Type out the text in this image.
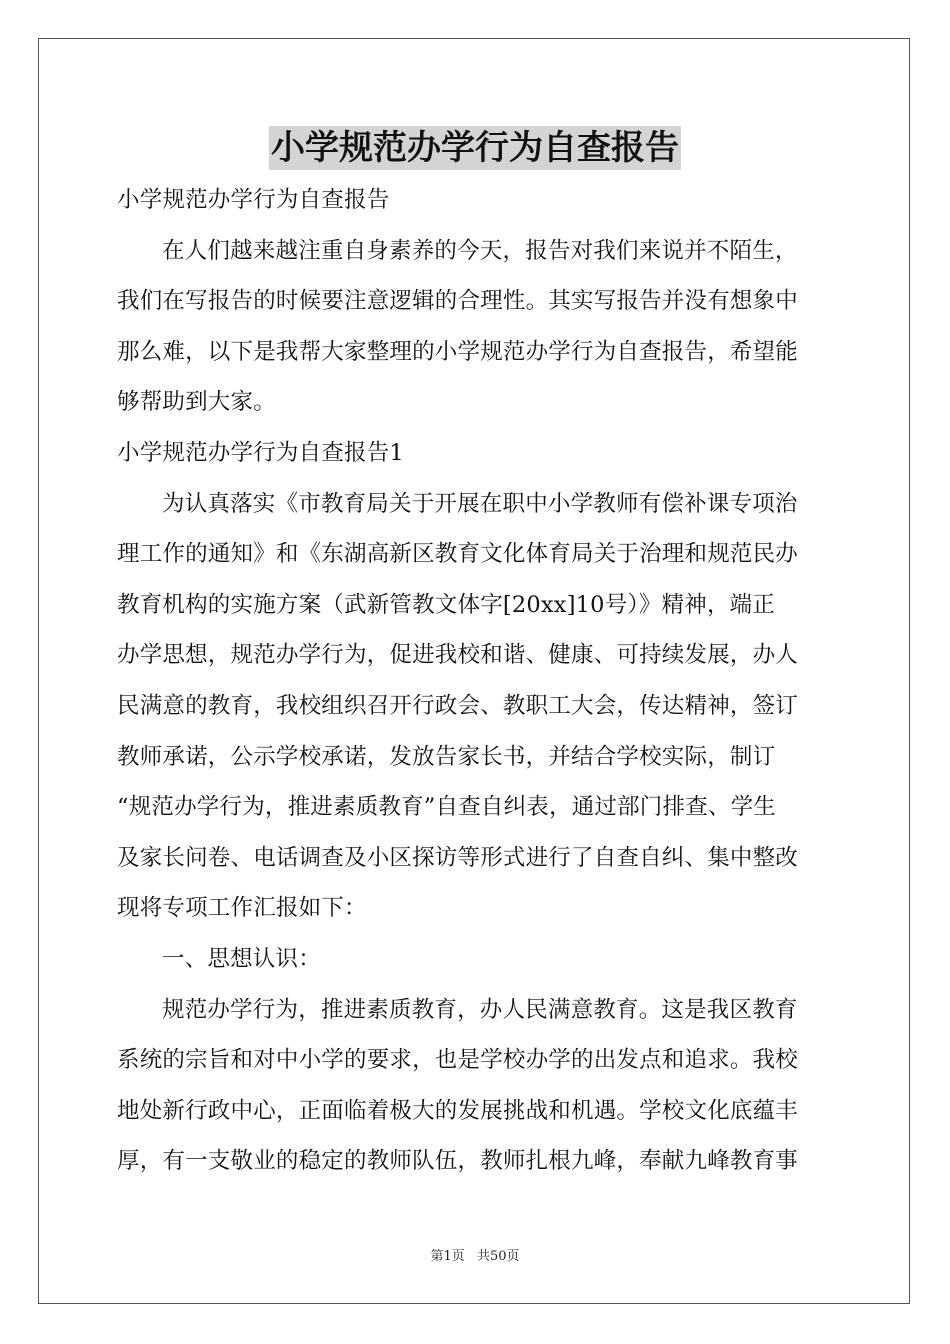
小学规范办学行为自查报告
小学规范办学行为自查报告
在人们越来越注重自身素养的今天，报告对我们来说并不陌生，
我们在写报告的时候要注意逻辑的合理性。其实写报告并没有想象中
那么难，以下是我帮大家整理的小学规范办学行为自查报告，希望能
够帮助到大家。
小学规范办学行为自查报告1
为认真落实《市教育局关于开展在职中小学教师有偿补课专项治
理工作的通知》和《东湖高新区教育文化体育局关于治理和规范民办
教育机构的实施方案（武新管教文体字[20xx]10号）》精神，端正
办学思想，规范办学行为，促进我校和谐、健康、可持续发展，办人
民满意的教育，我校组织召开行政会、教职工大会，传达精神，签订
教师承诺，公示学校承诺，发放告家长书，并结合学校实际，制订
“规范办学行为，推进素质教育”自查自纠表，通过部门排查、学生
及家长问卷、电话调查及小区探访等形式进行了自查自纠、集中整改
现将专项工作汇报如下：
一、思想认识：
规范办学行为，推进素质教育，办人民满意教育。这是我区教育
系统的宗旨和对中小学的要求，也是学校办学的出发点和追求。我校
地处新行政中心，正面临着极大的发展挑战和机遇。学校文化底蕴丰
厚，有一支敬业的稳定的教师队伍，教师扎根九峰，奉献九峰教育事
第1页 共50页
